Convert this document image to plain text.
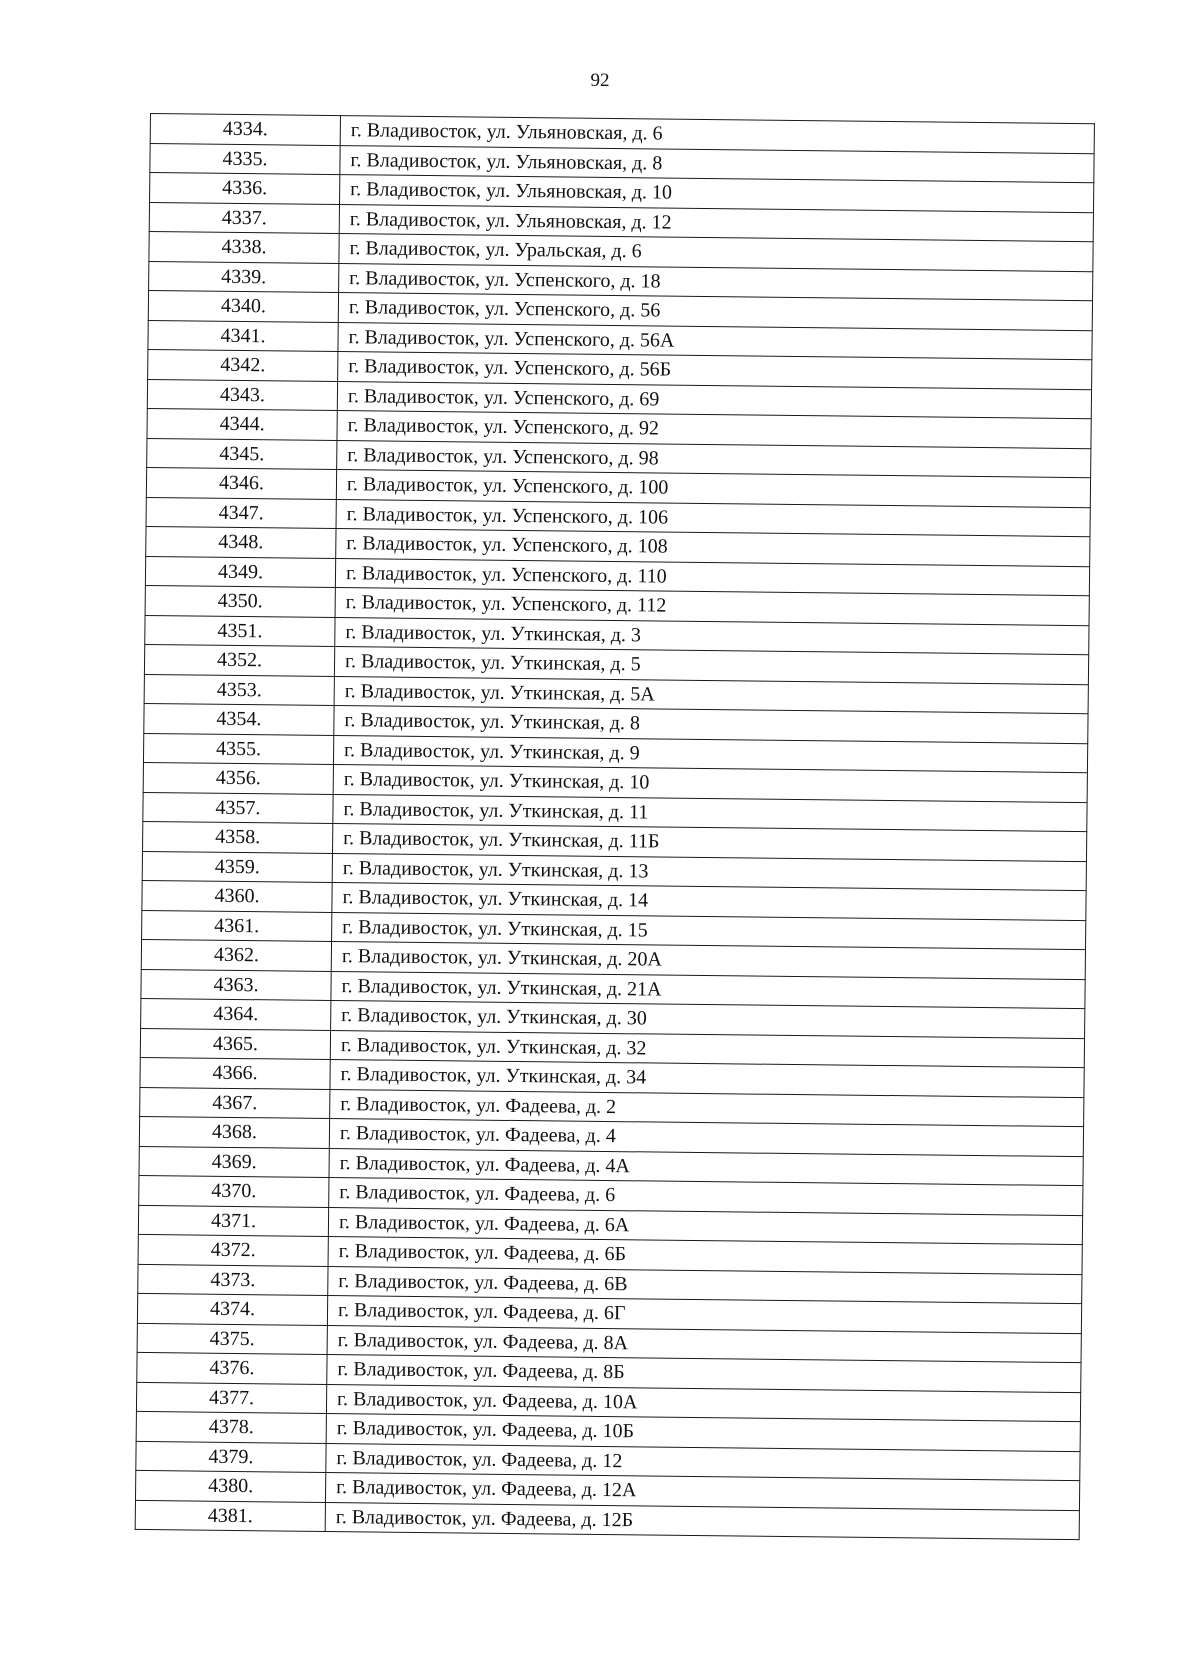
92
4334.	г. Владивосток, ул. Ульяновская, д. 6
4335.	г. Владивосток, ул. Ульяновская, д. 8
4336.	г. Владивосток, ул. Ульяновская, д. 10
4337.	г. Владивосток, ул. Ульяновская, д. 12
4338.	г. Владивосток, ул. Уральская, д. 6
4339.	г. Владивосток, ул. Успенского, д. 18
4340.	г. Владивосток, ул. Успенского, д. 56
4341.	г. Владивосток, ул. Успенского, д. 56А
4342.	г. Владивосток, ул. Успенского, д. 56Б
4343.	г. Владивосток, ул. Успенского, д. 69
4344.	г. Владивосток, ул. Успенского, д. 92
4345.	г. Владивосток, ул. Успенского, д. 98
4346.	г. Владивосток, ул. Успенского, д. 100
4347.	г. Владивосток, ул. Успенского, д. 106
4348.	г. Владивосток, ул. Успенского, д. 108
4349.	г. Владивосток, ул. Успенского, д. 110
4350.	г. Владивосток, ул. Успенского, д. 112
4351.	г. Владивосток, ул. Уткинская, д. 3
4352.	г. Владивосток, ул. Уткинская, д. 5
4353.	г. Владивосток, ул. Уткинская, д. 5А
4354.	г. Владивосток, ул. Уткинская, д. 8
4355.	г. Владивосток, ул. Уткинская, д. 9
4356.	г. Владивосток, ул. Уткинская, д. 10
4357.	г. Владивосток, ул. Уткинская, д. 11
4358.	г. Владивосток, ул. Уткинская, д. 11Б
4359.	г. Владивосток, ул. Уткинская, д. 13
4360.	г. Владивосток, ул. Уткинская, д. 14
4361.	г. Владивосток, ул. Уткинская, д. 15
4362.	г. Владивосток, ул. Уткинская, д. 20А
4363.	г. Владивосток, ул. Уткинская, д. 21А
4364.	г. Владивосток, ул. Уткинская, д. 30
4365.	г. Владивосток, ул. Уткинская, д. 32
4366.	г. Владивосток, ул. Уткинская, д. 34
4367.	г. Владивосток, ул. Фадеева, д. 2
4368.	г. Владивосток, ул. Фадеева, д. 4
4369.	г. Владивосток, ул. Фадеева, д. 4А
4370.	г. Владивосток, ул. Фадеева, д. 6
4371.	г. Владивосток, ул. Фадеева, д. 6А
4372.	г. Владивосток, ул. Фадеева, д. 6Б
4373.	г. Владивосток, ул. Фадеева, д. 6В
4374.	г. Владивосток, ул. Фадеева, д. 6Г
4375.	г. Владивосток, ул. Фадеева, д. 8А
4376.	г. Владивосток, ул. Фадеева, д. 8Б
4377.	г. Владивосток, ул. Фадеева, д. 10А
4378.	г. Владивосток, ул. Фадеева, д. 10Б
4379.	г. Владивосток, ул. Фадеева, д. 12
4380.	г. Владивосток, ул. Фадеева, д. 12А
4381.	г. Владивосток, ул. Фадеева, д. 12Б
